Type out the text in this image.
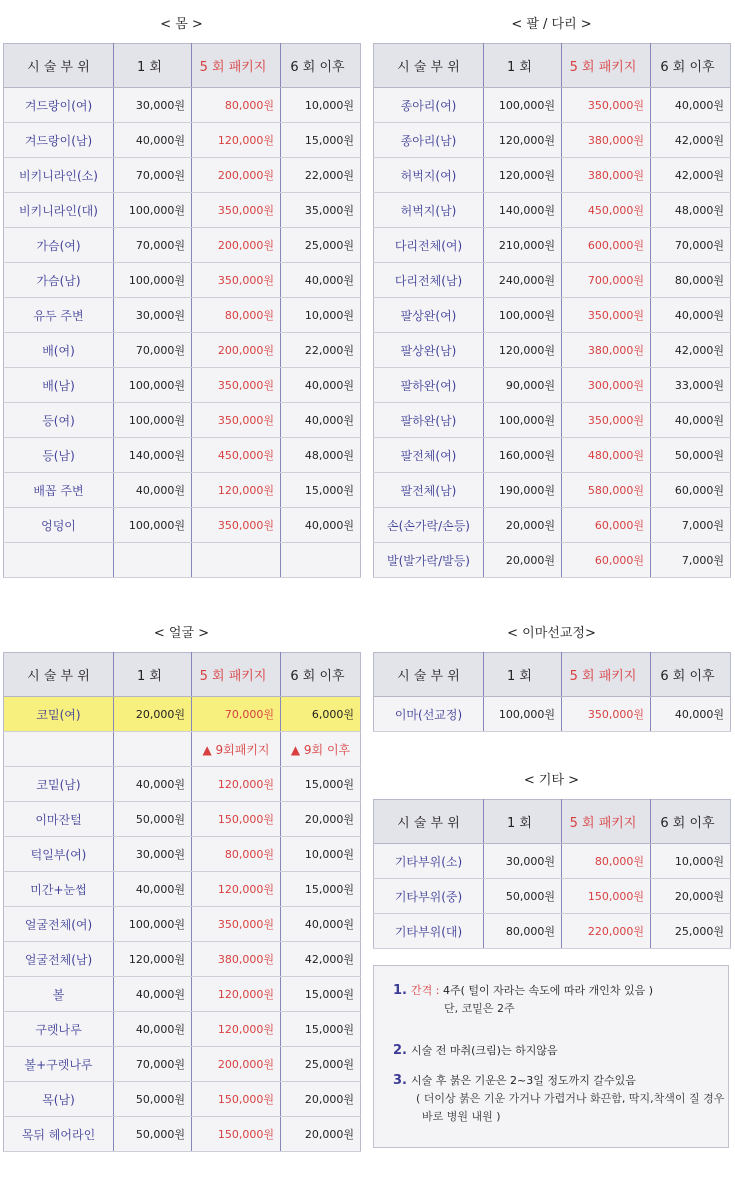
< 몸 >
시 술 부 위	1 회	5 회 패키지	6 회 이후
겨드랑이(여)	30,000원	80,000원	10,000원
겨드랑이(남)	40,000원	120,000원	15,000원
비키니라인(소)	70,000원	200,000원	22,000원
비키니라인(대)	100,000원	350,000원	35,000원
가슴(여)	70,000원	200,000원	25,000원
가슴(남)	100,000원	350,000원	40,000원
유두 주변	30,000원	80,000원	10,000원
배(여)	70,000원	200,000원	22,000원
배(남)	100,000원	350,000원	40,000원
등(여)	100,000원	350,000원	40,000원
등(남)	140,000원	450,000원	48,000원
배꼽 주변	40,000원	120,000원	15,000원
엉덩이	100,000원	350,000원	40,000원

< 팔 / 다리 >
시 술 부 위	1 회	5 회 패키지	6 회 이후
종아리(여)	100,000원	350,000원	40,000원
종아리(남)	120,000원	380,000원	42,000원
허벅지(여)	120,000원	380,000원	42,000원
허벅지(남)	140,000원	450,000원	48,000원
다리전체(여)	210,000원	600,000원	70,000원
다리전체(남)	240,000원	700,000원	80,000원
팔상완(여)	100,000원	350,000원	40,000원
팔상완(남)	120,000원	380,000원	42,000원
팔하완(여)	90,000원	300,000원	33,000원
팔하완(남)	100,000원	350,000원	40,000원
팔전체(여)	160,000원	480,000원	50,000원
팔전체(남)	190,000원	580,000원	60,000원
손(손가락/손등)	20,000원	60,000원	7,000원
발(발가락/발등)	20,000원	60,000원	7,000원
< 얼굴 >
시 술 부 위	1 회	5 회 패키지	6 회 이후
코밑(여)	20,000원	70,000원	6,000원
		▲ 9회패키지	▲ 9회 이후
코밑(남)	40,000원	120,000원	15,000원
이마잔털	50,000원	150,000원	20,000원
턱일부(여)	30,000원	80,000원	10,000원
미간+눈썹	40,000원	120,000원	15,000원
얼굴전체(여)	100,000원	350,000원	40,000원
얼굴전체(남)	120,000원	380,000원	42,000원
볼	40,000원	120,000원	15,000원
구렛나루	40,000원	120,000원	15,000원
볼+구렛나루	70,000원	200,000원	25,000원
목(남)	50,000원	150,000원	20,000원
목뒤 헤어라인	50,000원	150,000원	20,000원
< 이마선교정>
시 술 부 위	1 회	5 회 패키지	6 회 이후
이마(선교정)	100,000원	350,000원	40,000원
< 기타 >
시 술 부 위	1 회	5 회 패키지	6 회 이후
기타부위(소)	30,000원	80,000원	10,000원
기타부위(중)	50,000원	150,000원	20,000원
기타부위(대)	80,000원	220,000원	25,000원
1. 간격 : 4주( 털이 자라는 속도에 따라 개인차 있음 )
단, 코밑은 2주
2. 시술 전 마취(크림)는 하지않음
3. 시술 후 붉은 기운은 2~3일 정도까지 갈수있음
( 더이상 붉은 기운 가거나 가렵거나 화끈함, 딱지,착색이 질 경우
바로 병원 내원 )
